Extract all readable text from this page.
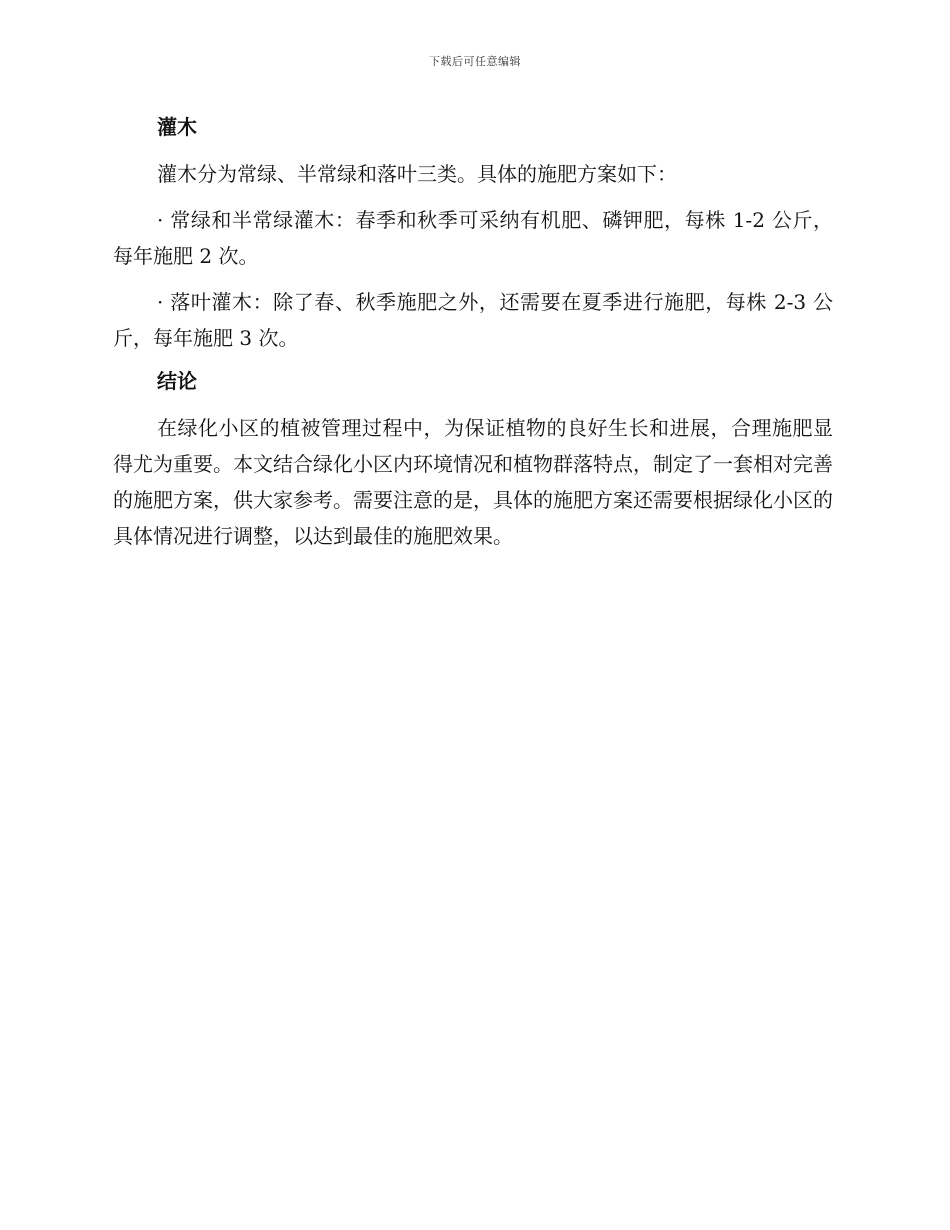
下载后可任意编辑
灌木

灌木分为常绿、半常绿和落叶三类。具体的施肥方案如下：

· 常绿和半常绿灌木：春季和秋季可采纳有机肥、磷钾肥，每株 1-2 公斤，每年施肥 2 次。

· 落叶灌木：除了春、秋季施肥之外，还需要在夏季进行施肥，每株 2-3 公斤，每年施肥 3 次。

结论

在绿化小区的植被管理过程中，为保证植物的良好生长和进展，合理施肥显得尤为重要。本文结合绿化小区内环境情况和植物群落特点，制定了一套相对完善的施肥方案，供大家参考。需要注意的是，具体的施肥方案还需要根据绿化小区的具体情况进行调整，以达到最佳的施肥效果。
